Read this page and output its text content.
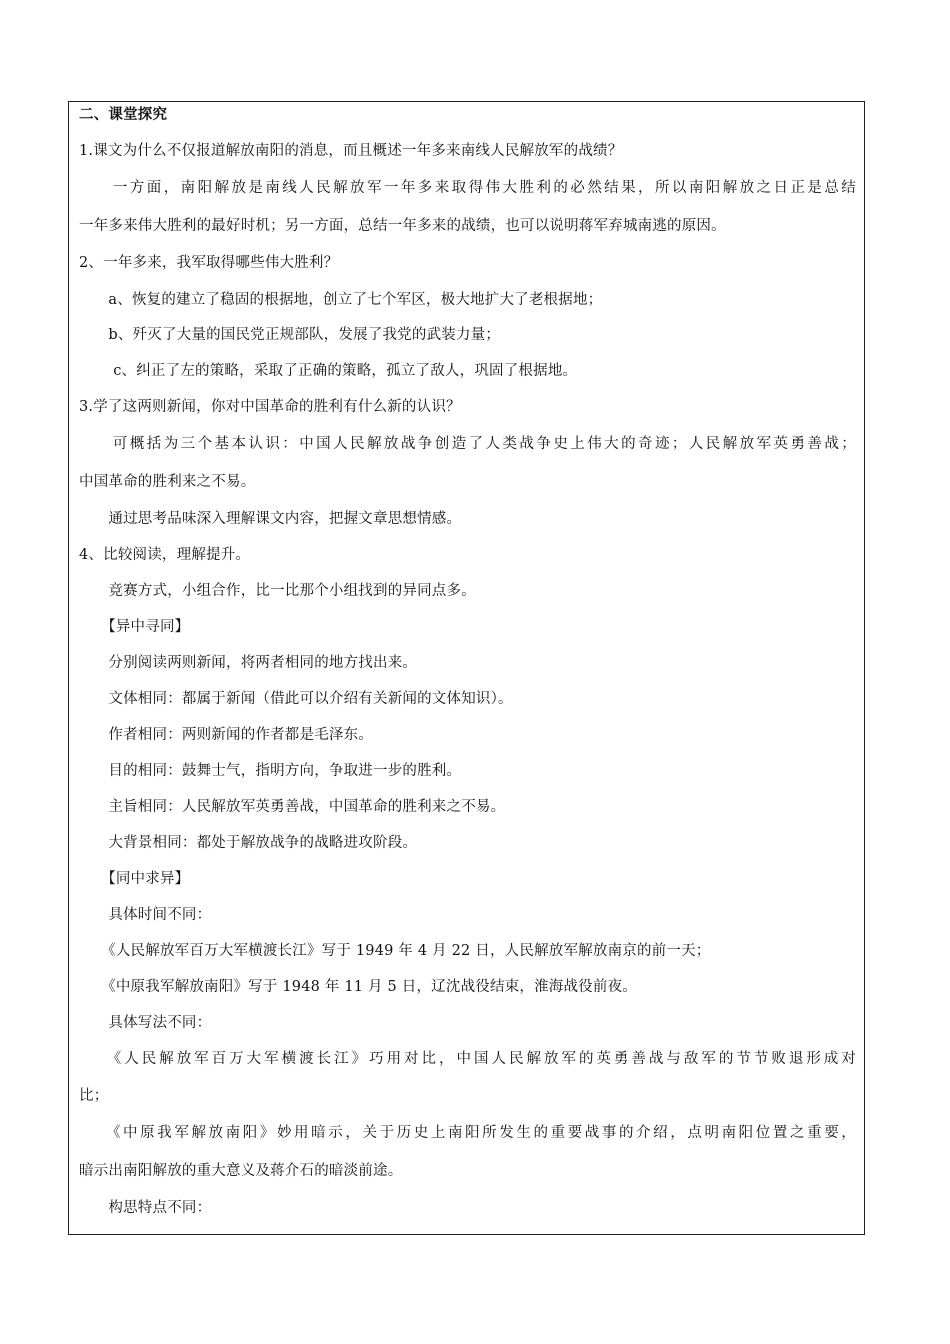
二、课堂探究
1.课文为什么不仅报道解放南阳的消息，而且概述一年多来南线人民解放军的战绩？
　　一方面，南阳解放是南线人民解放军一年多来取得伟大胜利的必然结果，所以南阳解放之日正是总结
一年多来伟大胜利的最好时机；另一方面，总结一年多来的战绩，也可以说明蒋军弃城南逃的原因。
2、一年多来，我军取得哪些伟大胜利？
　　a、恢复的建立了稳固的根据地，创立了七个军区，极大地扩大了老根据地；
　　b、歼灭了大量的国民党正规部队，发展了我党的武装力量；
　　 c、纠正了左的策略，采取了正确的策略，孤立了敌人，巩固了根据地。
3.学了这两则新闻，你对中国革命的胜利有什么新的认识？
　　可概括为三个基本认识：中国人民解放战争创造了人类战争史上伟大的奇迹；人民解放军英勇善战；
中国革命的胜利来之不易。
　　通过思考品味深入理解课文内容，把握文章思想情感。
4、比较阅读，理解提升。
　　竞赛方式，小组合作，比一比那个小组找到的异同点多。
　　【异中寻同】
　　分别阅读两则新闻，将两者相同的地方找出来。
　　文体相同：都属于新闻（借此可以介绍有关新闻的文体知识）。
　　作者相同：两则新闻的作者都是毛泽东。
　　目的相同：鼓舞士气，指明方向，争取进一步的胜利。
　　主旨相同：人民解放军英勇善战，中国革命的胜利来之不易。
　　大背景相同：都处于解放战争的战略进攻阶段。
　　【同中求异】
　　具体时间不同：
　　《人民解放军百万大军横渡长江》写于 1949 年 4 月 22 日，人民解放军解放南京的前一天；
　　《中原我军解放南阳》写于 1948 年 11 月 5 日，辽沈战役结束，淮海战役前夜。
　　具体写法不同：
　　《人民解放军百万大军横渡长江》巧用对比，中国人民解放军的英勇善战与敌军的节节败退形成对
比；
　　《中原我军解放南阳》妙用暗示，关于历史上南阳所发生的重要战事的介绍，点明南阳位置之重要，
暗示出南阳解放的重大意义及蒋介石的暗淡前途。
　　构思特点不同：
